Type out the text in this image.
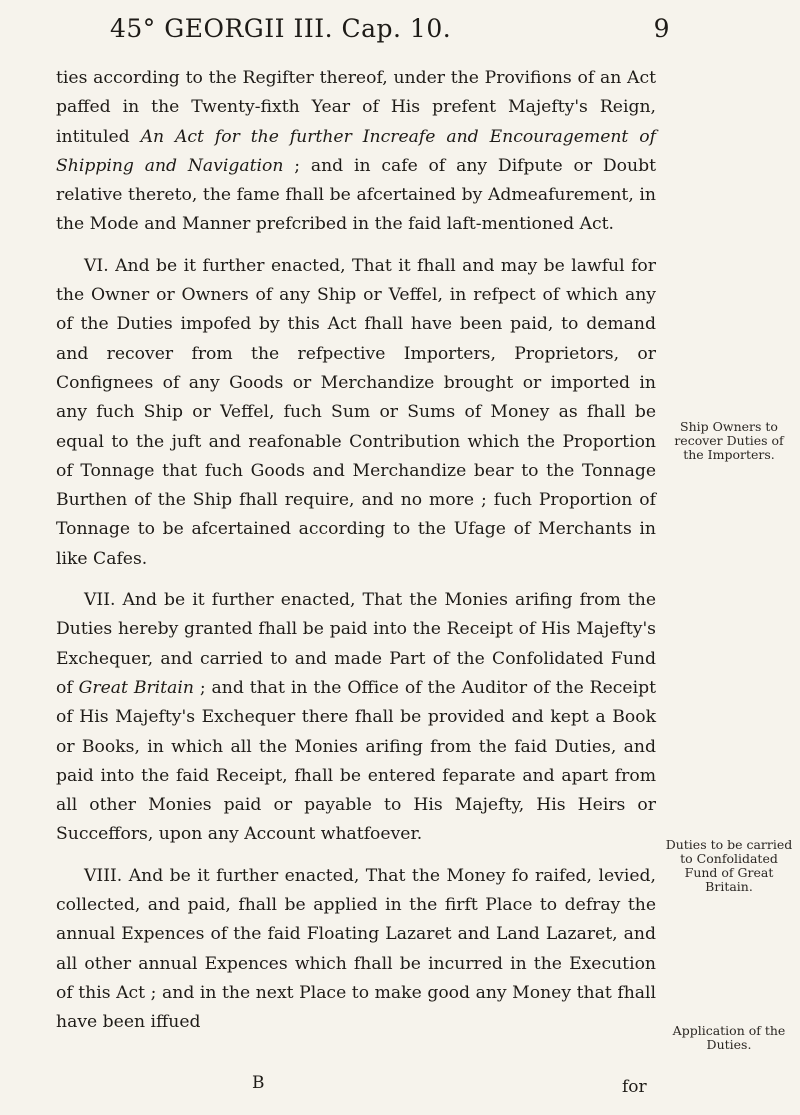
45° GEORGII III. Cap. 10.	9

ties according to the Regifter thereof, under the Provifions of an Act paffed in the Twenty-fixth Year of His prefent Majefty's Reign, intituled An Act for the further Increafe and Encouragement of Shipping and Navigation ; and in cafe of any Difpute or Doubt relative thereto, the fame fhall be afcertained by Admeafurement, in the Mode and Manner prefcribed in the faid laft-mentioned Act.

VI. And be it further enacted, That it fhall and may be lawful for the Owner or Owners of any Ship or Veffel, in refpect of which any of the Duties impofed by this Act fhall have been paid, to demand and recover from the refpective Importers, Proprietors, or Confignees of any Goods or Merchandize brought or imported in any fuch Ship or Veffel, fuch Sum or Sums of Money as fhall be equal to the juft and reafonable Contribution which the Proportion of Tonnage that fuch Goods and Merchandize bear to the Tonnage Burthen of the Ship fhall require, and no more ; fuch Proportion of Tonnage to be afcertained according to the Ufage of Merchants in like Cafes.

VII. And be it further enacted, That the Monies arifing from the Duties hereby granted fhall be paid into the Receipt of His Majefty's Exchequer, and carried to and made Part of the Confolidated Fund of Great Britain ; and that in the Office of the Auditor of the Receipt of His Majefty's Exchequer there fhall be provided and kept a Book or Books, in which all the Monies arifing from the faid Duties, and paid into the faid Receipt, fhall be entered feparate and apart from all other Monies paid or payable to His Majefty, His Heirs or Succeffors, upon any Account whatfoever.

VIII. And be it further enacted, That the Money fo raifed, levied, collected, and paid, fhall be applied in the firft Place to defray the annual Expences of the faid Floating Lazaret and Land Lazaret, and all other annual Expences which fhall be incurred in the Execution of this Act ; and in the next Place to make good any Money that fhall have been iffued

Ship Owners to recover Duties of the Importers.
Duties to be carried to Confolidated Fund of Great Britain.
Application of the Duties.
B	for
